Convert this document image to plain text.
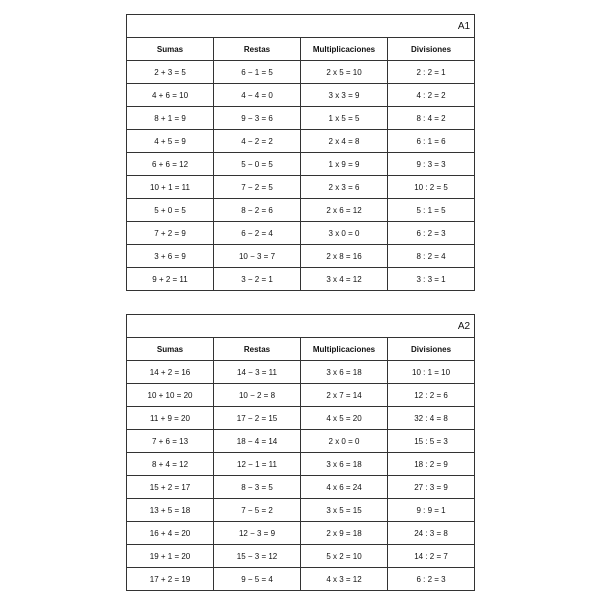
A1			
Sumas	Restas	Multiplicaciones	Divisiones
2 + 3 = 5	6 − 1 = 5	2 x 5 = 10	2 : 2 = 1
4 + 6 = 10	4 − 4 = 0	3 x 3 = 9	4 : 2 = 2
8 + 1 = 9	9 − 3 = 6	1 x 5 = 5	8 : 4 = 2
4 + 5 = 9	4 − 2 = 2	2 x 4 = 8	6 : 1 = 6
6 + 6 = 12	5 − 0 = 5	1 x 9 = 9	9 : 3 = 3
10 + 1 = 11	7 − 2 = 5	2 x 3 = 6	10 : 2 = 5
5 + 0 = 5	8 − 2 = 6	2 x 6 = 12	5 : 1 = 5
7 + 2 = 9	6 − 2 = 4	3 x 0 = 0	6 : 2 = 3
3 + 6 = 9	10 − 3 = 7	2 x 8 = 16	8 : 2 = 4
9 + 2 = 11	3 − 2 = 1	3 x 4 = 12	3 : 3 = 1
A2			
Sumas	Restas	Multiplicaciones	Divisiones
14 + 2 = 16	14 − 3 = 11	3 x 6 = 18	10 : 1 = 10
10 + 10 = 20	10 − 2 = 8	2 x 7 = 14	12 : 2 = 6
11 + 9 = 20	17 − 2 = 15	4 x 5 = 20	32 : 4 = 8
7 + 6 = 13	18 − 4 = 14	2 x 0 = 0	15 : 5 = 3
8 + 4 = 12	12 − 1 = 11	3 x 6 = 18	18 : 2 = 9
15 + 2 = 17	8 − 3 = 5	4 x 6 = 24	27 : 3 = 9
13 + 5 = 18	7 − 5 = 2	3 x 5 = 15	9 : 9 = 1
16 + 4 = 20	12 − 3 = 9	2 x 9 = 18	24 : 3 = 8
19 + 1 = 20	15 − 3 = 12	5 x 2 = 10	14 : 2 = 7
17 + 2 = 19	9 − 5 = 4	4 x 3 = 12	6 : 2 = 3
